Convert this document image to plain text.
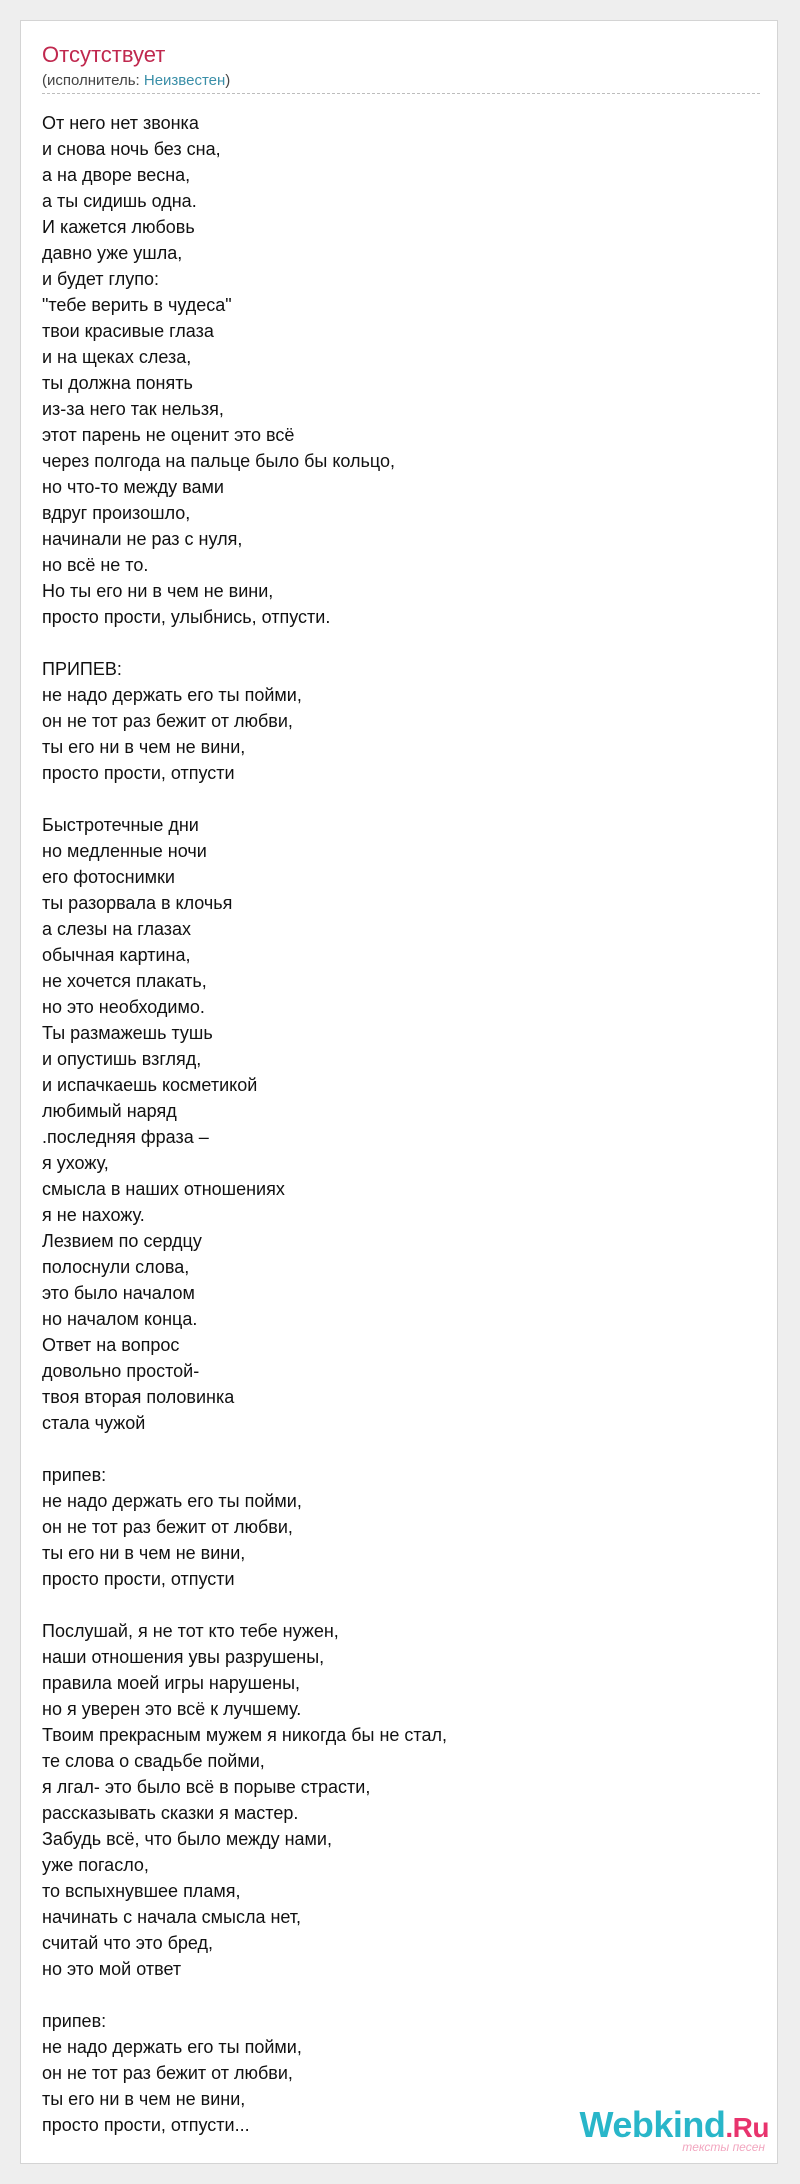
Отсутствует
(исполнитель: Неизвестен)
От него нет звонка
и снова ночь без сна,
а на дворе весна,
а ты сидишь одна.
И кажется любовь
давно уже ушла,
и будет глупо:
"тебе верить в чудеса"
твои красивые глаза
и на щеках слеза,
ты должна понять
из-за него так нельзя,
этот парень не оценит это всё
через полгода на пальце было бы кольцо,
но что-то между вами
вдруг произошло,
начинали не раз с нуля,
но всё не то.
Но ты его ни в чем не вини,
просто прости, улыбнись, отпусти.
ПРИПЕВ:
не надо держать его ты пойми,
он не тот раз бежит от любви,
ты его ни в чем не вини,
просто прости, отпусти
Быстротечные дни
но медленные ночи
его фотоснимки
ты разорвала в клочья
а слезы на глазах
обычная картина,
не хочется плакать,
но это необходимо.
Ты размажешь тушь
и опустишь взгляд,
и испачкаешь косметикой
любимый наряд
.последняя фраза –
я ухожу,
смысла в наших отношениях
я не нахожу.
Лезвием по сердцу
полоснули слова,
это было началом
но началом конца.
Ответ на вопрос
довольно простой-
твоя вторая половинка
стала чужой
припев:
не надо держать его ты пойми,
он не тот раз бежит от любви,
ты его ни в чем не вини,
просто прости, отпусти
Послушай, я не тот кто тебе нужен,
наши отношения увы разрушены,
правила моей игры нарушены,
но я уверен это всё к лучшему.
Твоим прекрасным мужем я никогда бы не стал,
те слова о свадьбе пойми,
я лгал- это было всё в порыве страсти,
рассказывать сказки я мастер.
Забудь всё, что было между нами,
уже погасло,
то вспыхнувшее пламя,
начинать с начала смысла нет,
считай что это бред,
но это мой ответ
припев:
не надо держать его ты пойми,
он не тот раз бежит от любви,
ты его ни в чем не вини,
просто прости, отпусти...	Webkind.Ru
тексты песен
